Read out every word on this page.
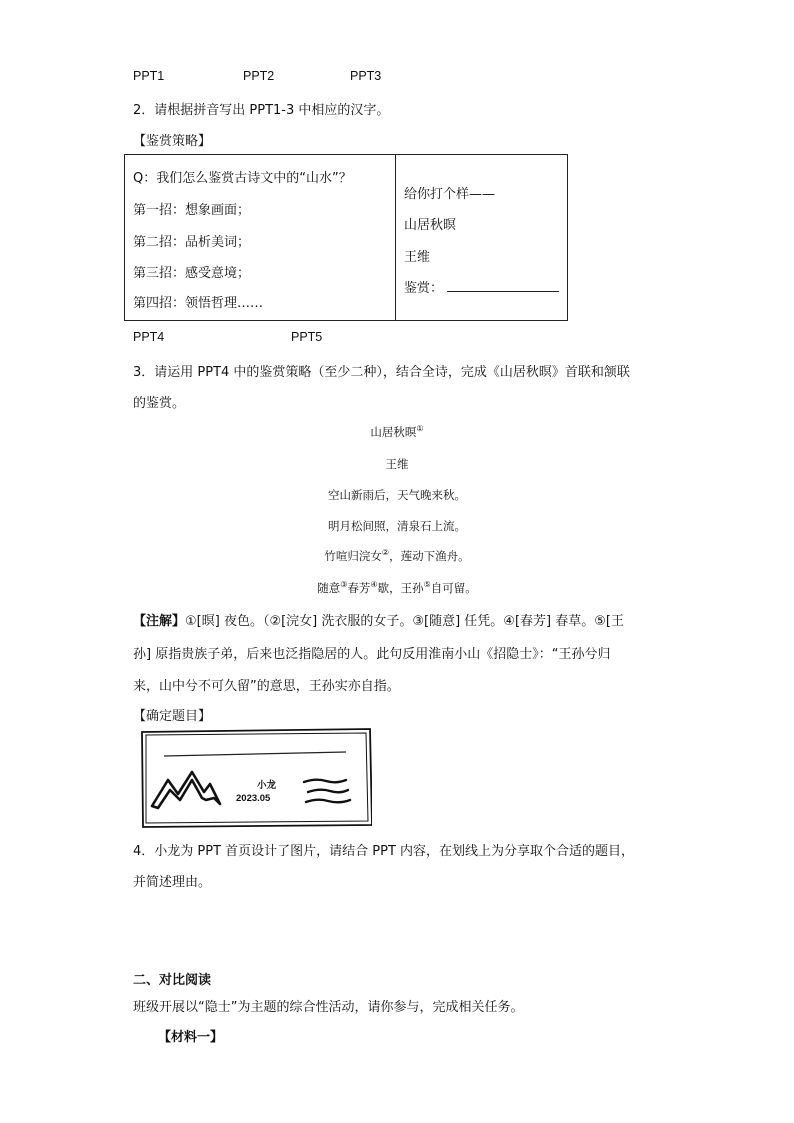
PPT1	PPT2	PPT3
2．请根据拼音写出 PPT1-3 中相应的汉字。
【鉴赏策略】
Q：我们怎么鉴赏古诗文中的“山水”？
第一招：想象画面；
第二招：品析美词；
第三招：感受意境；
第四招：领悟哲理……
给你打个样——
山居秋暝
王维
鉴赏：
PPT4	PPT5
3．请运用 PPT4 中的鉴赏策略（至少二种），结合全诗，完成《山居秋暝》首联和颔联
的鉴赏。
山居秋暝①
王维
空山新雨后，天气晚来秋。
明月松间照，清泉石上流。
竹喧归浣女②，莲动下渔舟。
随意③春芳④歇，王孙⑤自可留。
【注解】①[暝] 夜色。（②[浣女] 洗衣服的女子。③[随意] 任凭。④[春芳] 春草。⑤[王
孙] 原指贵族子弟，后来也泛指隐居的人。此句反用淮南小山《招隐士》：“王孙兮归
来，山中兮不可久留”的意思，王孙实亦自指。
【确定题目】
小龙
2023.05
4．小龙为 PPT 首页设计了图片，请结合 PPT 内容，在划线上为分享取个合适的题目，
并简述理由。
二、对比阅读
班级开展以“隐士”为主题的综合性活动，请你参与，完成相关任务。
【材料一】
